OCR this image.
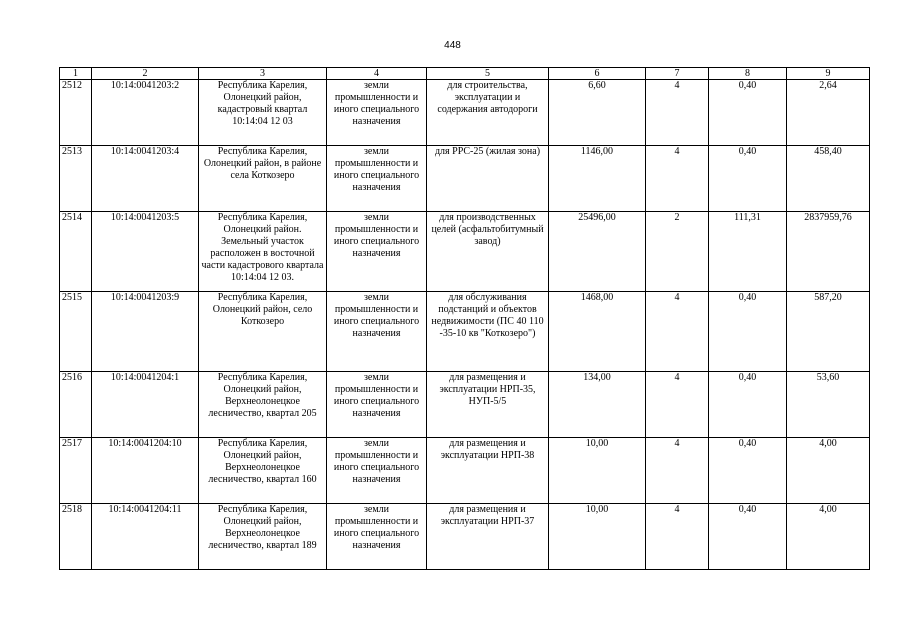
448
1	2	3	4	5	6	7	8	9
2512	10:14:0041203:2	Республика Карелия, Олонецкий район, кадастровый квартал 10:14:04 12 03	земли промышленности и иного специального назначения	для строительства, эксплуатации и содержания автодороги	6,60	4	0,40	2,64
2513	10:14:0041203:4	Республика Карелия, Олонецкий район, в районе села Коткозеро	земли промышленности и иного специального назначения	для РРС-25 (жилая зона)	1146,00	4	0,40	458,40
2514	10:14:0041203:5	Республика Карелия, Олонецкий район. Земельный участок расположен в восточной части кадастрового квартала 10:14:04 12 03.	земли промышленности и иного специального назначения	для производственных целей (асфальтобитумный завод)	25496,00	2	111,31	2837959,76
2515	10:14:0041203:9	Республика Карелия, Олонецкий район, село Коткозеро	земли промышленности и иного специального назначения	для обслуживания подстанций и объектов недвижимости (ПС 40 110 -35-10 кв "Коткозеро")	1468,00	4	0,40	587,20
2516	10:14:0041204:1	Республика Карелия, Олонецкий район, Верхнеолонецкое лесничество, квартал 205	земли промышленности и иного специального назначения	для размещения и эксплуатации НРП-35, НУП-5/5	134,00	4	0,40	53,60
2517	10:14:0041204:10	Республика Карелия, Олонецкий район, Верхнеолонецкое лесничество, квартал 160	земли промышленности и иного специального назначения	для размещения и эксплуатации НРП-38	10,00	4	0,40	4,00
2518	10:14:0041204:11	Республика Карелия, Олонецкий район, Верхнеолонецкое лесничество, квартал 189	земли промышленности и иного специального назначения	для размещения и эксплуатации НРП-37	10,00	4	0,40	4,00
